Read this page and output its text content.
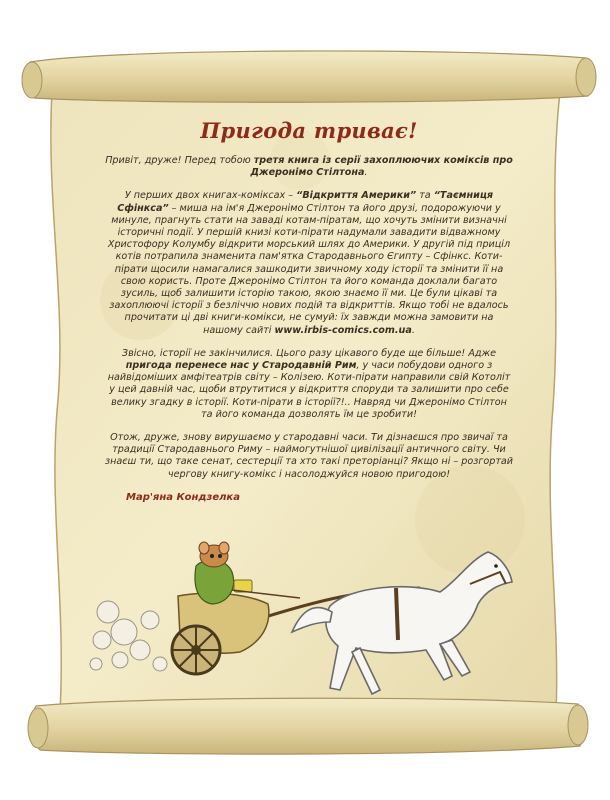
Пригода триває!

Привіт, друже! Перед тобою третя книга із серії захоплюючих коміксів про Джеронімо Стілтона.

У перших двох книгах-коміксах – “Відкриття Америки” та “Таємниця Сфінкса” – миша на ім'я Джеронімо Стілтон та його друзі, подорожуючи у минуле, прагнуть стати на заваді котам-піратам, що хочуть змінити визначні історичні події. У першій книзі коти-пірати надумали завадити відважному Христофору Колумбу відкрити морський шлях до Америки. У другій під приціл котів потрапила знаменита пам'ятка Стародавнього Єгипту – Сфінкс. Коти-пірати щосили намагалися зашкодити звичному ходу історії та змінити її на свою користь. Проте Джеронімо Стілтон та його команда доклали багато зусиль, щоб залишити історію такою, якою знаємо її ми. Це були цікаві та захоплюючі історії з безліччю нових подій та відкриттів. Якщо тобі не вдалось прочитати ці дві книги-комікси, не сумуй: їх завжди можна замовити на нашому сайті www.irbis-comics.com.ua.

Звісно, історії не закінчилися. Цього разу цікавого буде ще більше! Адже пригода перенесе нас у Стародавній Рим, у часи побудови одного з найвідоміших амфітеатрів світу – Колізею. Коти-пірати направили свій Котоліт у цей давній час, щоби втрутитися у відкриття споруди та залишити про себе велику згадку в історії. Коти-пірати в історії?!.. Навряд чи Джеронімо Стілтон та його команда дозволять їм це зробити!

Отож, друже, знову вирушаємо у стародавні часи. Ти дізнаєшся про звичаї та традиції Стародавнього Риму – наймогутнішої цивілізації античного світу. Чи знаєш ти, що таке сенат, сестерції та хто такі преторіанці? Якщо ні – розгортай чергову книгу-комікс і насолоджуйся новою пригодою!

Мар'яна Кондзелка
